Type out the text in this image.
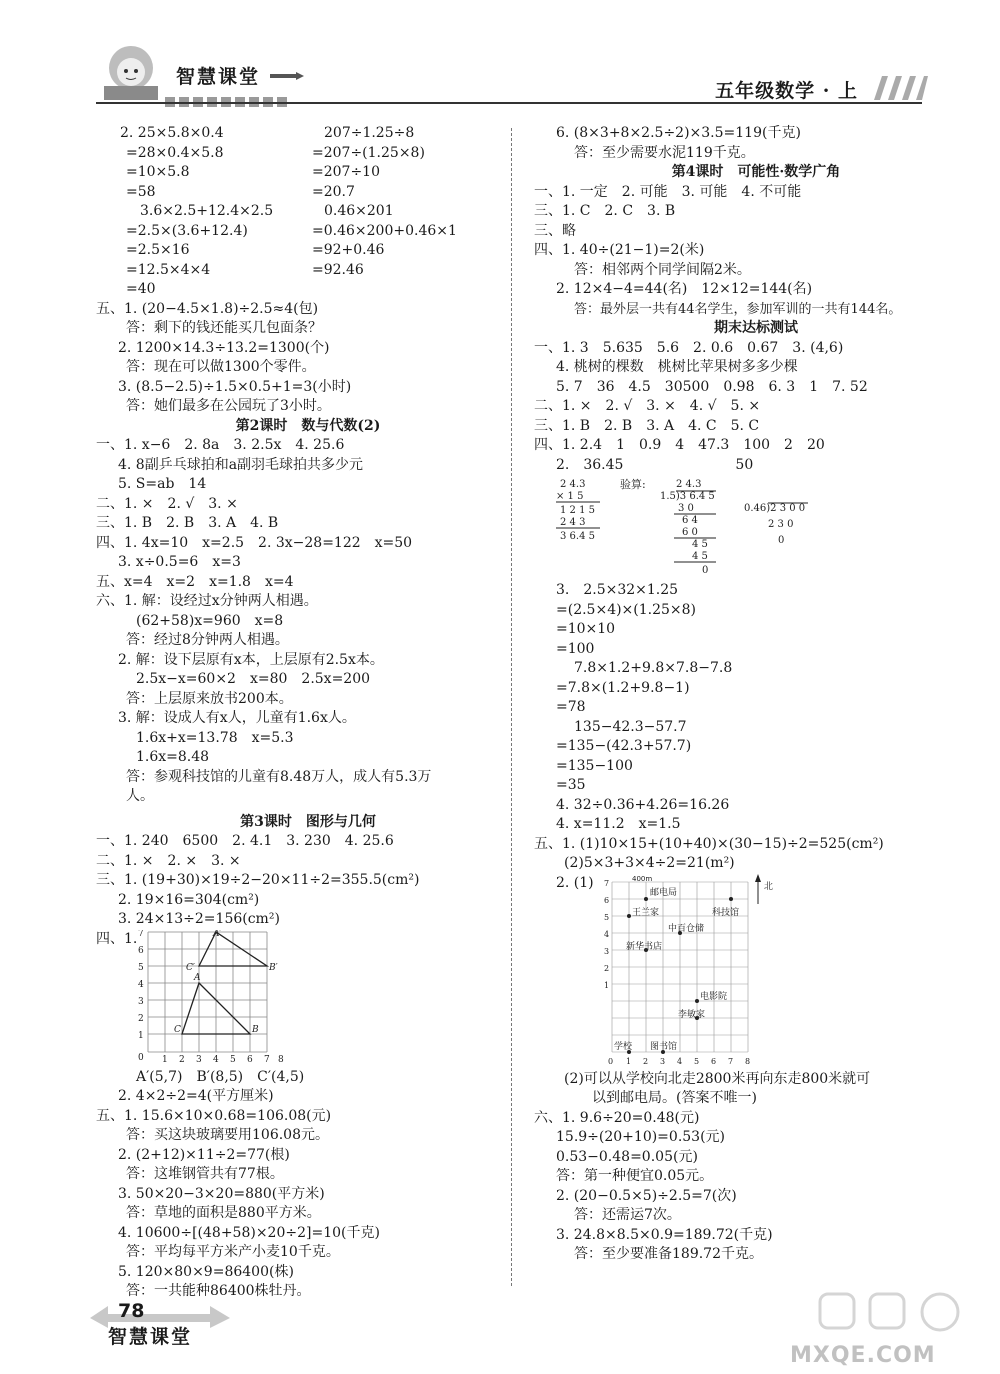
智慧课堂
五年级数学 · 上
2. 25×5.8×0.4
=28×0.4×5.8
=10×5.8
=58
3.6×2.5+12.4×2.5
=2.5×(3.6+12.4)
=2.5×16
=12.5×4×4
=40
五、1. (20−4.5×1.8)÷2.5≈4(包)
答：剩下的钱还能买几包面条？
2. 1200×14.3÷13.2=1300(个)
答：现在可以做1300个零件。
3. (8.5−2.5)÷1.5×0.5+1=3(小时)
答：她们最多在公园玩了3小时。
第2课时　数与代数(2)
一、1. x−6　2. 8a　3. 2.5x　4. 25.6
4. 8副乒乓球拍和a副羽毛球拍共多少元
5. S=ab　14
二、1. ×　2. √　3. ×
三、1. B　2. B　3. A　4. B
四、1. 4x=10　x=2.5　2. 3x−28=122　x=50
3. x÷0.5=6　x=3
五、x=4　x=2　x=1.8　x=4
六、1. 解：设经过x分钟两人相遇。
(62+58)x=960　x=8
答：经过8分钟两人相遇。
2. 解：设下层原有x本，上层原有2.5x本。
2.5x−x=60×2　x=80　2.5x=200
答：上层原来放书200本。
3. 解：设成人有x人，儿童有1.6x人。
1.6x+x=13.78　x=5.3
1.6x=8.48
答：参观科技馆的儿童有8.48万人，成人有5.3万
人。
第3课时　图形与几何
一、1. 240　6500　2. 4.1　3. 230　4. 25.6
二、1. ×　2. ×　3. ×
三、1. (19+30)×19÷2−20×11÷2=355.5(cm²)
2. 19×16=304(cm²)
3. 24×13÷2=156(cm²)
四、1. 7
6
5
4
3
2
1
0 1 2 3 4 5 6 7 8
A
C	B
A′
C′	B′
A′(5,7)　B′(8,5)　C′(4,5)
2. 4×2÷2=4(平方厘米)
五、1. 15.6×10×0.68=106.08(元)
答：买这块玻璃要用106.08元。
2. (2+12)×11÷2=77(根)
答：这堆钢管共有77根。
3. 50×20−3×20=880(平方米)
答：草地的面积是880平方米。
4. 10600÷[(48+58)×20÷2]=10(千克)
答：平均每平方米产小麦10千克。
5. 120×80×9=86400(株)
答：一共能种86400株牡丹。
207÷1.25÷8
=207÷(1.25×8)
=207÷10
=20.7
0.46×201
=0.46×200+0.46×1
=92+0.46
=92.46
6. (8×3+8×2.5÷2)×3.5=119(千克)
答：至少需要水泥119千克。
第4课时　可能性·数学广角
一、1. 一定　2. 可能　3. 可能　4. 不可能
三、1. C　2. C　3. B
三、略
四、1. 40÷(21−1)=2(米)
答：相邻两个同学间隔2米。
2. 12×4−4=44(名)　12×12=144(名)
答：最外层一共有44名学生，参加军训的一共有144名。
期末达标测试
一、1. 3　5.635　5.6　2. 0.6　0.67　3. (4,6)
4. 桃树的棵数　桃树比苹果树多多少棵
5. 7　36　4.5　30500　0.98　6. 3　1　7. 52
二、1. ×　2. √　3. ×　4. √　5. ×
三、1. B　2. B　3. A　4. C　5. C
四、1. 2.4　1　0.9　4　47.3　100　2　20
2.　36.45　　　　　　　　50
2 4.3
× 1 5
1 2 1 5
2 4 3
3 6.4 5
2 4.3
1.5)3 6.4 5
3 0
6 4
6 0
4 5
4 5
0
0.46)2 3 0 0
2 3 0
0
验算:
3.　2.5×32×1.25
=(2.5×4)×(1.25×8)
=10×10
=100
7.8×1.2+9.8×7.8−7.8
=7.8×(1.2+9.8−1)
=78
135−42.3−57.7
=135−(42.3+57.7)
=135−100
=35
4. 32÷0.36+4.26=16.26
4. x=11.2　x=1.5
五、1. (1)10×15+(10+40)×(30−15)÷2=525(cm²)
(2)5×3+3×4÷2=21(m²)
2. (1) 7
6
5
4
3
2
1
0 1 2 3 4 5 6 7 8
400m
北
邮电局
王兰家	科技馆
中百仓储
新华书店
电影院
李敏家
学校 图书馆
(2)可以从学校向北走2800米再向东走800米就可
以到邮电局。(答案不唯一)
六、1. 9.6÷20=0.48(元)
15.9÷(20+10)=0.53(元)
0.53−0.48=0.05(元)
答：第一种便宜0.05元。
2. (20−0.5×5)÷2.5=7(次)
答：还需运7次。
3. 24.8×8.5×0.9=189.72(千克)
答：至少要准备189.72千克。
78
智慧课堂
MXQE.COM
